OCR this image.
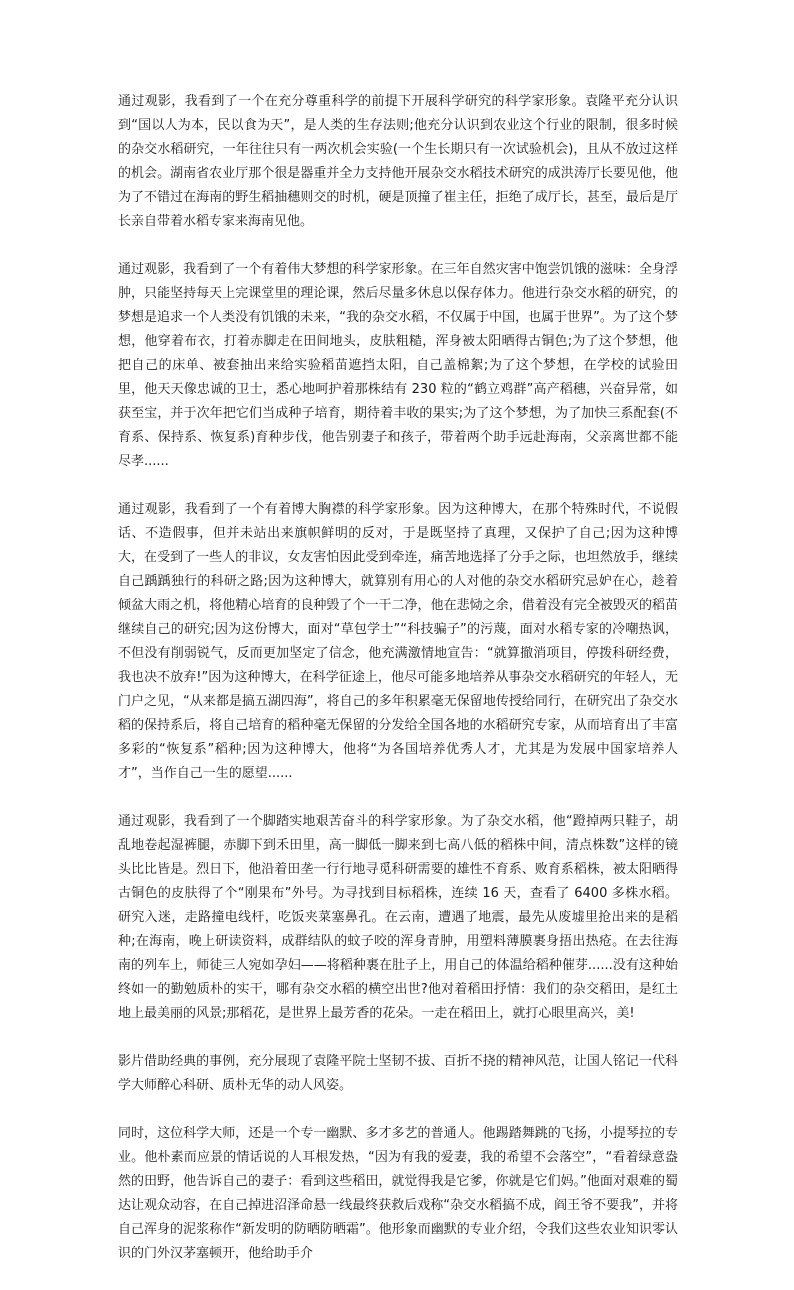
通过观影，我看到了一个在充分尊重科学的前提下开展科学研究的科学家形象。袁隆平充分认识到“国以人为本，民以食为天”，是人类的生存法则;他充分认识到农业这个行业的限制，很多时候的杂交水稻研究，一年往往只有一两次机会实验(一个生长期只有一次试验机会)，且从不放过这样的机会。湖南省农业厅那个很是器重并全力支持他开展杂交水稻技术研究的成洪涛厅长要见他，他为了不错过在海南的野生稻抽穗则交的时机，硬是顶撞了崔主任，拒绝了成厅长，甚至，最后是厅长亲自带着水稻专家来海南见他。

通过观影，我看到了一个有着伟大梦想的科学家形象。在三年自然灾害中饱尝饥饿的滋味：全身浮肿，只能坚持每天上完课堂里的理论课，然后尽量多休息以保存体力。他进行杂交水稻的研究，的梦想是追求一个人类没有饥饿的未来，“我的杂交水稻，不仅属于中国，也属于世界”。为了这个梦想，他穿着布衣，打着赤脚走在田间地头，皮肤粗糙，浑身被太阳晒得古铜色;为了这个梦想，他把自己的床单、被套抽出来给实验稻苗遮挡太阳，自己盖棉絮;为了这个梦想，在学校的试验田里，他天天像忠诚的卫士，悉心地呵护着那株结有 230 粒的“鹤立鸡群”高产稻穗，兴奋异常，如获至宝，并于次年把它们当成种子培育，期待着丰收的果实;为了这个梦想，为了加快三系配套(不育系、保持系、恢复系)育种步伐，他告别妻子和孩子，带着两个助手远赴海南，父亲离世都不能尽孝......

通过观影，我看到了一个有着博大胸襟的科学家形象。因为这种博大，在那个特殊时代，不说假话、不造假事，但并未站出来旗帜鲜明的反对，于是既坚持了真理，又保护了自己;因为这种博大，在受到了一些人的非议，女友害怕因此受到牵连，痛苦地选择了分手之际，也坦然放手，继续自己踽踽独行的科研之路;因为这种博大，就算别有用心的人对他的杂交水稻研究忌妒在心，趁着倾盆大雨之机，将他精心培育的良种毁了个一干二净，他在悲恸之余，借着没有完全被毁灭的稻苗继续自己的研究;因为这份博大，面对“草包学士”“科技骗子”的污蔑，面对水稻专家的冷嘲热讽，不但没有削弱锐气，反而更加坚定了信念，他充满激情地宣告：“就算撤消项目，停拨科研经费，我也决不放弃!”因为这种博大，在科学征途上，他尽可能多地培养从事杂交水稻研究的年轻人，无门户之见，“从来都是搞五湖四海”，将自己的多年积累毫无保留地传授给同行，在研究出了杂交水稻的保持系后，将自己培育的稻种毫无保留的分发给全国各地的水稻研究专家，从而培育出了丰富多彩的“恢复系”稻种;因为这种博大，他将“为各国培养优秀人才，尤其是为发展中国家培养人才”，当作自己一生的愿望......

通过观影，我看到了一个脚踏实地艰苦奋斗的科学家形象。为了杂交水稻，他“蹬掉两只鞋子，胡乱地卷起湿裤腿，赤脚下到禾田里，高一脚低一脚来到七高八低的稻株中间，清点株数”这样的镜头比比皆是。烈日下，他沿着田垄一行行地寻觅科研需要的雄性不育系、败育系稻株，被太阳晒得古铜色的皮肤得了个“刚果布”外号。为寻找到目标稻株，连续 16 天，查看了 6400 多株水稻。研究入迷，走路撞电线杆，吃饭夹菜塞鼻孔。在云南，遭遇了地震，最先从废墟里抢出来的是稻种;在海南，晚上研读资料，成群结队的蚊子咬的浑身青肿，用塑料薄膜裹身捂出热疮。在去往海南的列车上，师徒三人宛如孕妇——将稻种裹在肚子上，用自己的体温给稻种催芽......没有这种始终如一的勤勉质朴的实干，哪有杂交水稻的横空出世?他对着稻田抒情：我们的杂交稻田，是红土地上最美丽的风景;那稻花，是世界上最芳香的花朵。一走在稻田上，就打心眼里高兴，美!

影片借助经典的事例，充分展现了袁隆平院士坚韧不拔、百折不挠的精神风范，让国人铭记一代科学大师醉心科研、质朴无华的动人风姿。

同时，这位科学大师，还是一个专一幽默、多才多艺的普通人。他踢踏舞跳的飞扬，小提琴拉的专业。他朴素而应景的情话说的人耳根发热，“因为有我的爱妻，我的希望不会落空”，“看着绿意盎然的田野，他告诉自己的妻子：看到这些稻田，就觉得我是它爹，你就是它们妈。”他面对艰难的蜀达让观众动容，在自己掉进沼泽命悬一线最终获救后戏称“杂交水稻搞不成，阎王爷不要我”，并将自己浑身的泥浆称作“新发明的防晒防晒霜”。他形象而幽默的专业介绍，令我们这些农业知识零认识的门外汉茅塞顿开，他给助手介
